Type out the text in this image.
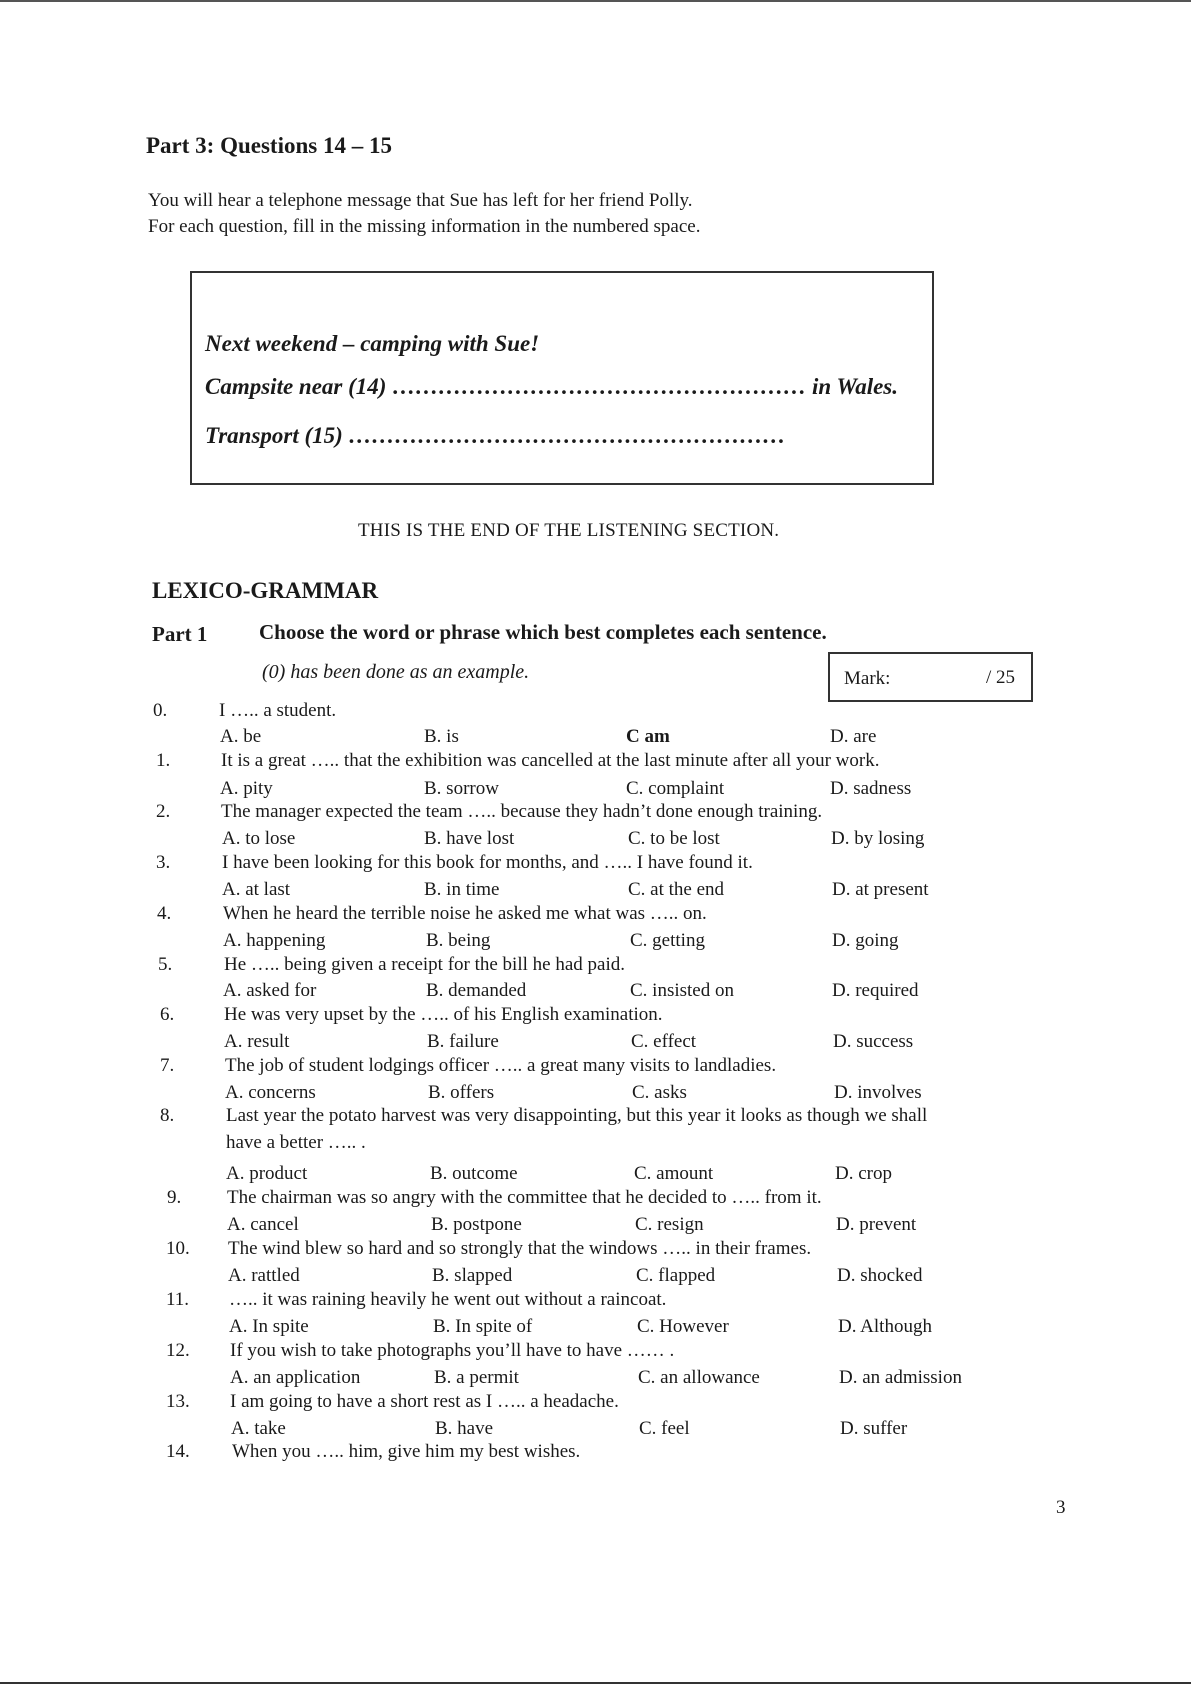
Part 3: Questions 14 – 15
You will hear a telephone message that Sue has left for her friend Polly.
For each question, fill in the missing information in the numbered space.
Next weekend – camping with Sue!
Campsite near (14) ……………………………………………… in Wales.
Transport (15) …………………………………………………
THIS IS THE END OF THE LISTENING SECTION.
LEXICO-GRAMMAR
Part 1 Choose the word or phrase which best completes each sentence.
(0) has been done as an example.	Mark:	/ 25
0.	I ….. a student.
A. be	B. is	C am	D. are
1.	It is a great ….. that the exhibition was cancelled at the last minute after all your work.
A. pity	B. sorrow	C. complaint	D. sadness
2.	The manager expected the team ….. because they hadn’t done enough training.
A. to lose	B. have lost	C. to be lost	D. by losing
3.	I have been looking for this book for months, and ….. I have found it.
A. at last	B. in time	C. at the end	D. at present
4.	When he heard the terrible noise he asked me what was ….. on.
A. happening	B. being	C. getting	D. going
5.	He ….. being given a receipt for the bill he had paid.
A. asked for	B. demanded	C. insisted on	D. required
6.	He was very upset by the ….. of his English examination.
A. result	B. failure	C. effect	D. success
7.	The job of student lodgings officer ….. a great many visits to landladies.
A. concerns	B. offers	C. asks	D. involves
8.	Last year the potato harvest was very disappointing, but this year it looks as though we shall
have a better ….. .
A. product	B. outcome	C. amount	D. crop
9. The chairman was so angry with the committee that he decided to ….. from it.
A. cancel	B. postpone	C. resign	D. prevent
10. The wind blew so hard and so strongly that the windows ….. in their frames.
A. rattled	B. slapped	C. flapped	D. shocked
11. ….. it was raining heavily he went out without a raincoat.
A. In spite	B. In spite of	C. However	D. Although
12. If you wish to take photographs you’ll have to have …… .
A. an application	B. a permit	C. an allowance	D. an admission
13. I am going to have a short rest as I ….. a headache.
A. take	B. have	C. feel	D. suffer
14. When you ….. him, give him my best wishes.
3
